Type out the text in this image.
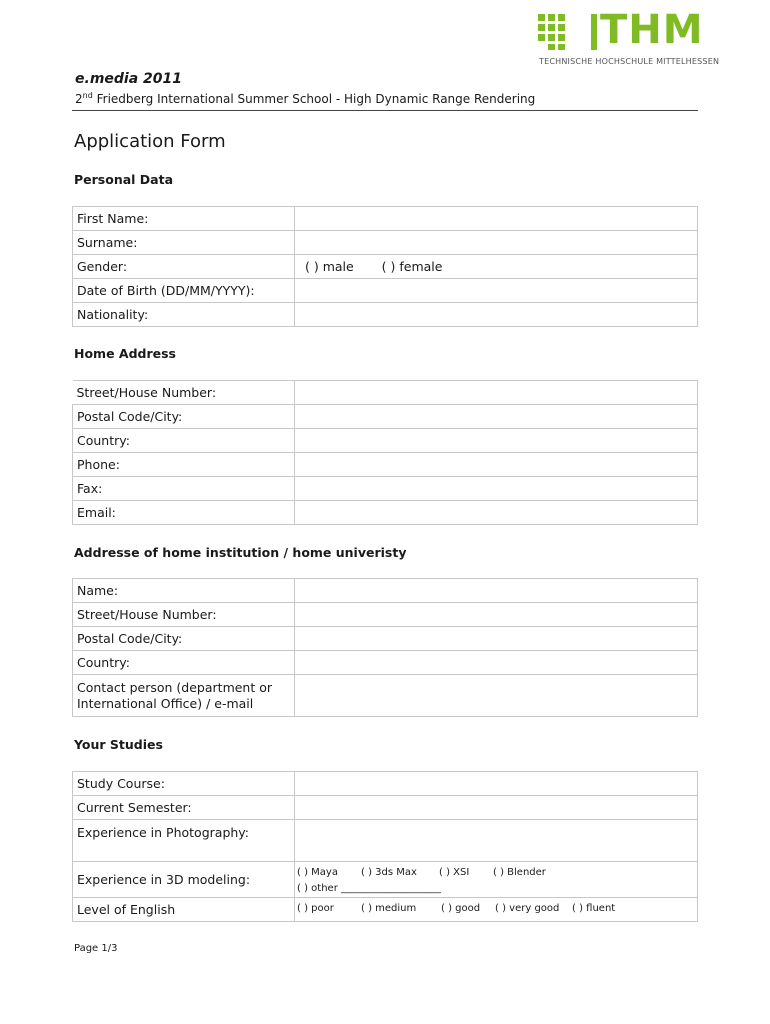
THM
TECHNISCHE HOCHSCHULE MITTELHESSEN
e.media 2011
2nd Friedberg International Summer School - High Dynamic Range Rendering
Application Form
Personal Data
First Name:	
Surname:	
Gender:	( ) male ( ) female
Date of Birth (DD/MM/YYYY):	
Nationality:	
Home Address
Street/House Number:	
Postal Code/City:	
Country:	
Phone:	
Fax:	
Email:	
Addresse of home institution / home univeristy
Name:	
Street/House Number:	
Postal Code/City:	
Country:	

Contact person (department or
International Office) / e-mail	

Your Studies
Study Course:	
Current Semester:	
Experience in Photography:	
Experience in 3D modeling:	( ) Maya ( ) 3ds Max ( ) XSI ( ) Blender( ) other ____________________
Level of English	( ) poor ( ) medium ( ) good ( ) very good ( ) fluent
Page 1/3
